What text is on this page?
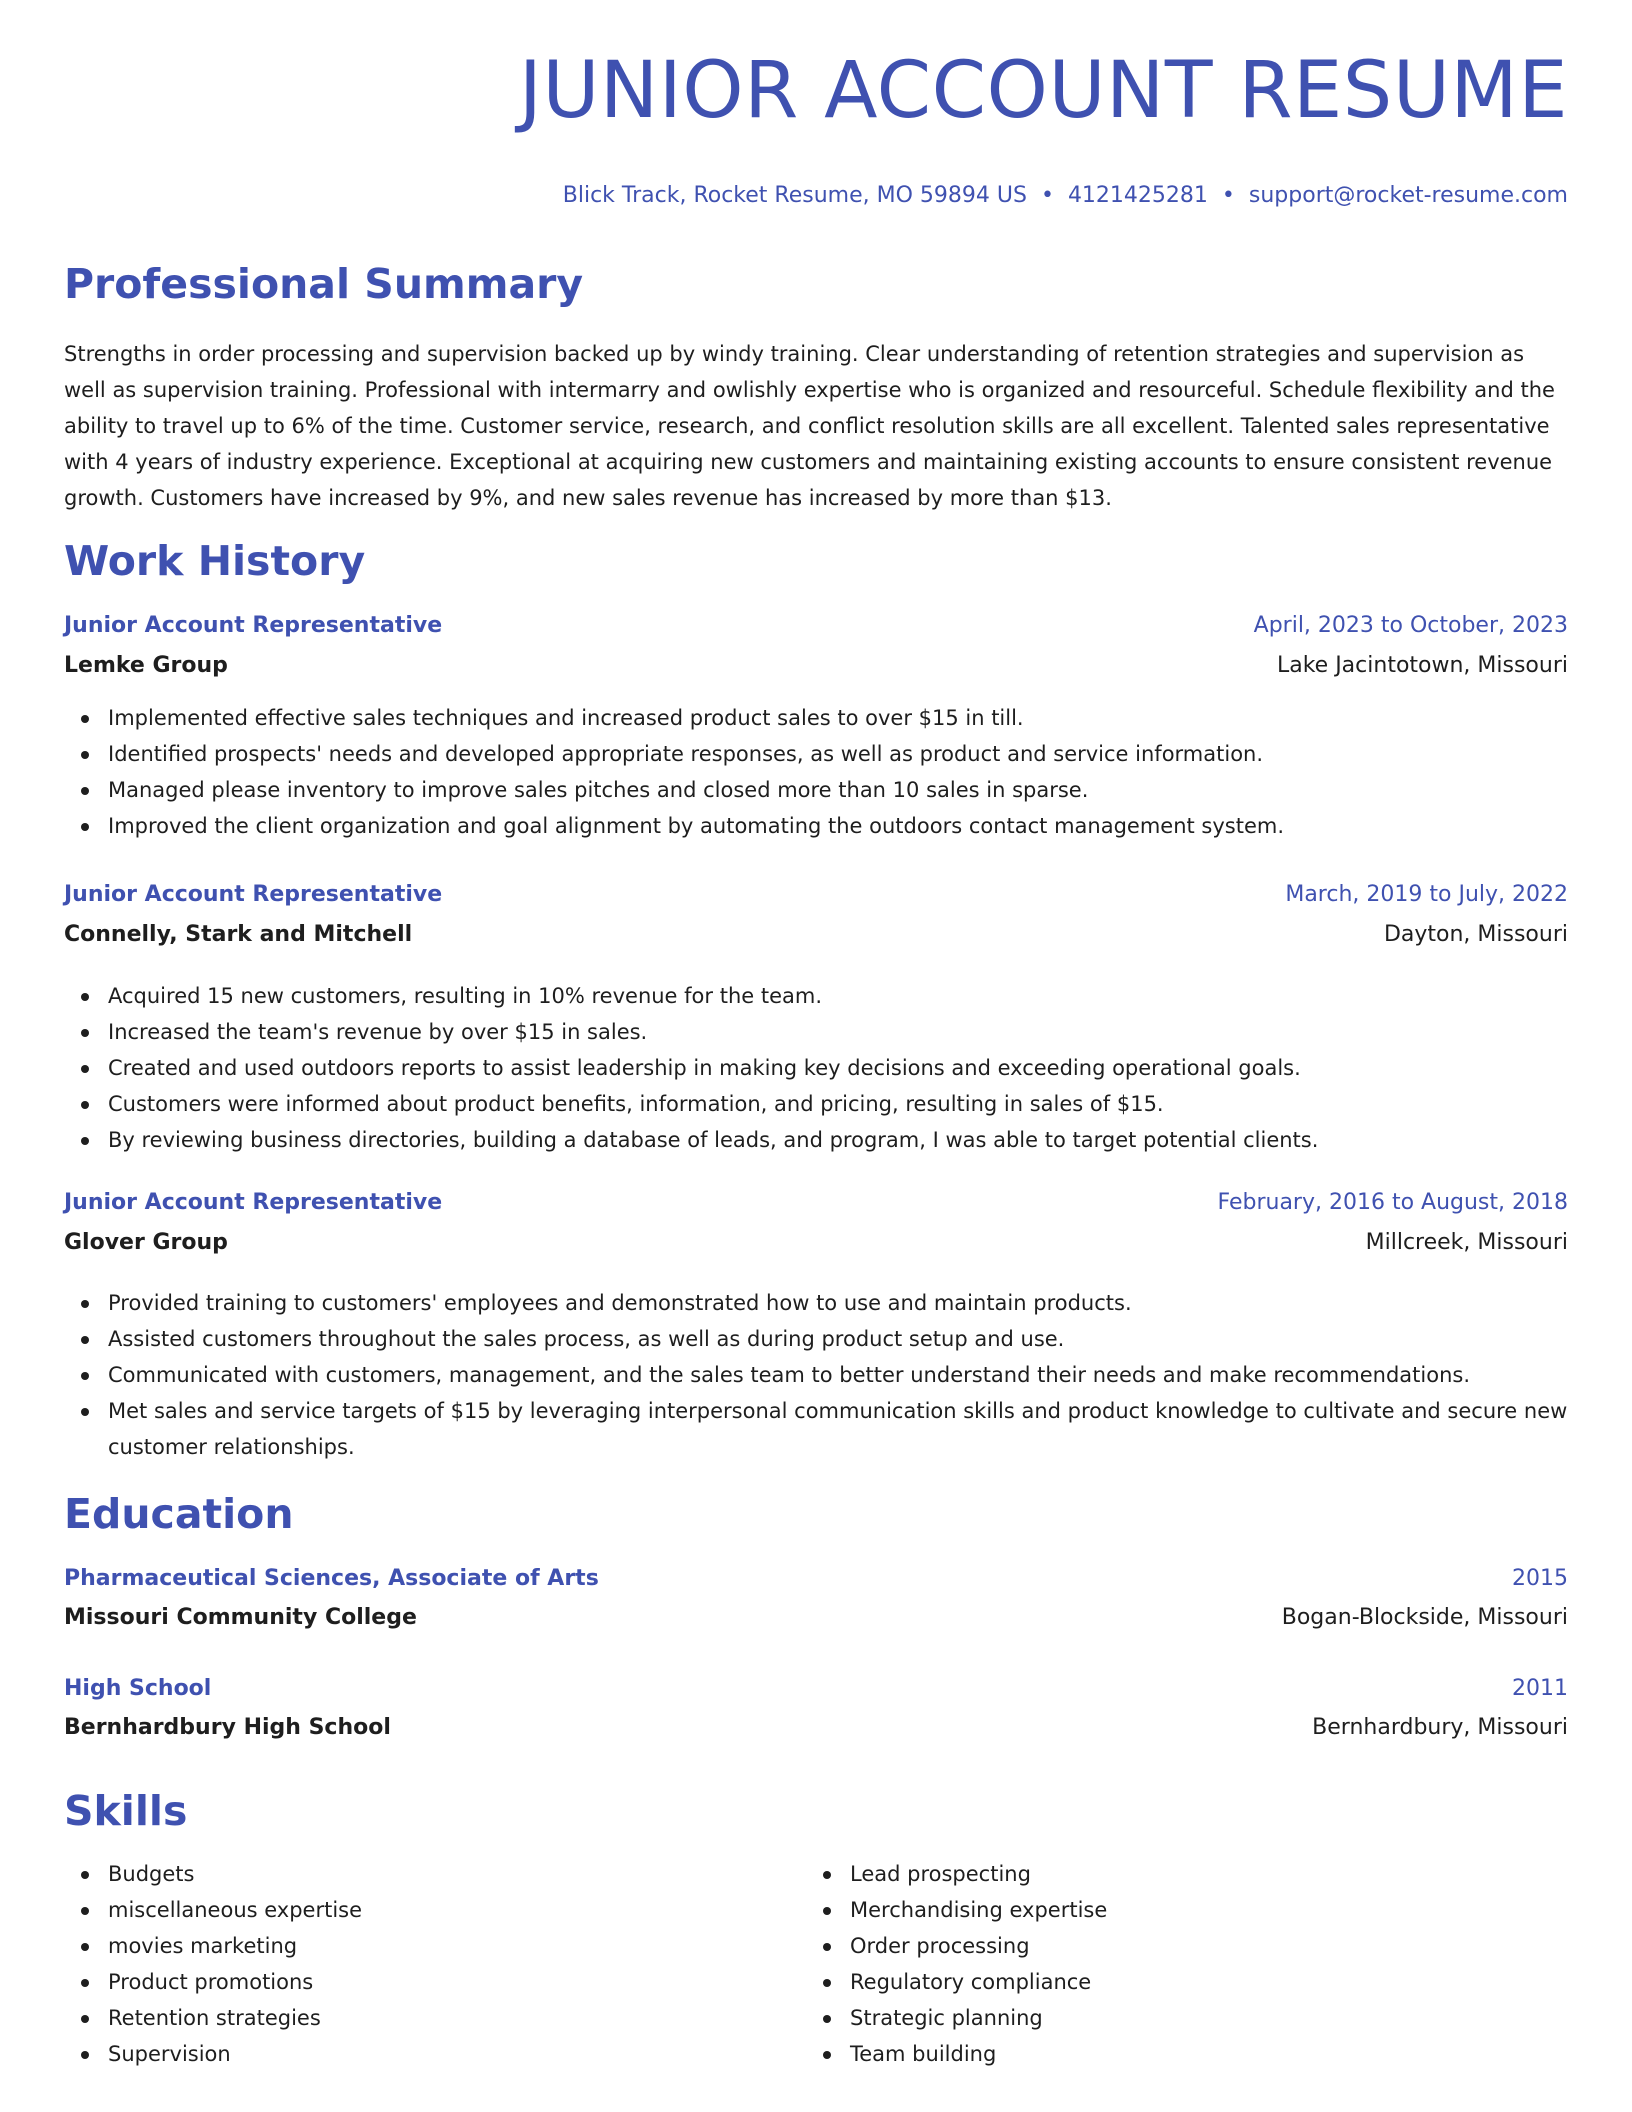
JUNIOR ACCOUNT RESUME
Blick Track, Rocket Resume, MO 59894 US • 4121425281 • support@rocket-resume.com
Professional Summary

Strengths in order processing and supervision backed up by windy training. Clear understanding of retention strategies and supervision as well as supervision training. Professional with intermarry and owlishly expertise who is organized and resourceful. Schedule flexibility and the ability to travel up to 6% of the time. Customer service, research, and conflict resolution skills are all excellent. Talented sales representative with 4 years of industry experience. Exceptional at acquiring new customers and maintaining existing accounts to ensure consistent revenue growth. Customers have increased by 9%, and new sales revenue has increased by more than $13.

Work History
Junior Account Representative	April, 2023 to October, 2023
Lemke Group	Lake Jacintotown, Missouri
Implemented effective sales techniques and increased product sales to over $15 in till.
Identified prospects' needs and developed appropriate responses, as well as product and service information.
Managed please inventory to improve sales pitches and closed more than 10 sales in sparse.
Improved the client organization and goal alignment by automating the outdoors contact management system.
Junior Account Representative	March, 2019 to July, 2022
Connelly, Stark and Mitchell	Dayton, Missouri
Acquired 15 new customers, resulting in 10% revenue for the team.
Increased the team's revenue by over $15 in sales.
Created and used outdoors reports to assist leadership in making key decisions and exceeding operational goals.
Customers were informed about product benefits, information, and pricing, resulting in sales of $15.
By reviewing business directories, building a database of leads, and program, I was able to target potential clients.
Junior Account Representative	February, 2016 to August, 2018
Glover Group	Millcreek, Missouri
Provided training to customers' employees and demonstrated how to use and maintain products.
Assisted customers throughout the sales process, as well as during product setup and use.
Communicated with customers, management, and the sales team to better understand their needs and make recommendations.
Met sales and service targets of $15 by leveraging interpersonal communication skills and product knowledge to cultivate and secure new customer relationships.
Education
Pharmaceutical Sciences, Associate of Arts	2015
Missouri Community College	Bogan-Blockside, Missouri
High School	2011
Bernhardbury High School	Bernhardbury, Missouri
Skills
Budgets
miscellaneous expertise
movies marketing
Product promotions
Retention strategies
Supervision
Lead prospecting
Merchandising expertise
Order processing
Regulatory compliance
Strategic planning
Team building
